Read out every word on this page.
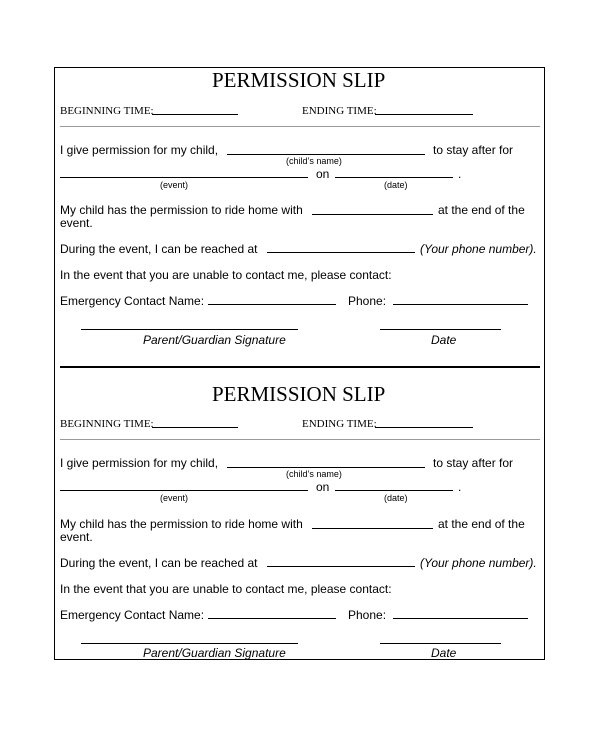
PERMISSION SLIP
BEGINNING TIME:	ENDING TIME:
I give permission for my child,	to stay after for
(child’s name)
on	.
(event)	(date)
My child has the permission to ride home with	at the end of the
event.
During the event, I can be reached at	(Your phone number).
In the event that you are unable to contact me, please contact:
Emergency Contact Name:	Phone:
Parent/Guardian Signature	Date
PERMISSION SLIP
BEGINNING TIME:	ENDING TIME:
I give permission for my child,	to stay after for
(child’s name)
on	.
(event)	(date)
My child has the permission to ride home with	at the end of the
event.
During the event, I can be reached at	(Your phone number).
In the event that you are unable to contact me, please contact:
Emergency Contact Name:	Phone:
Parent/Guardian Signature	Date
